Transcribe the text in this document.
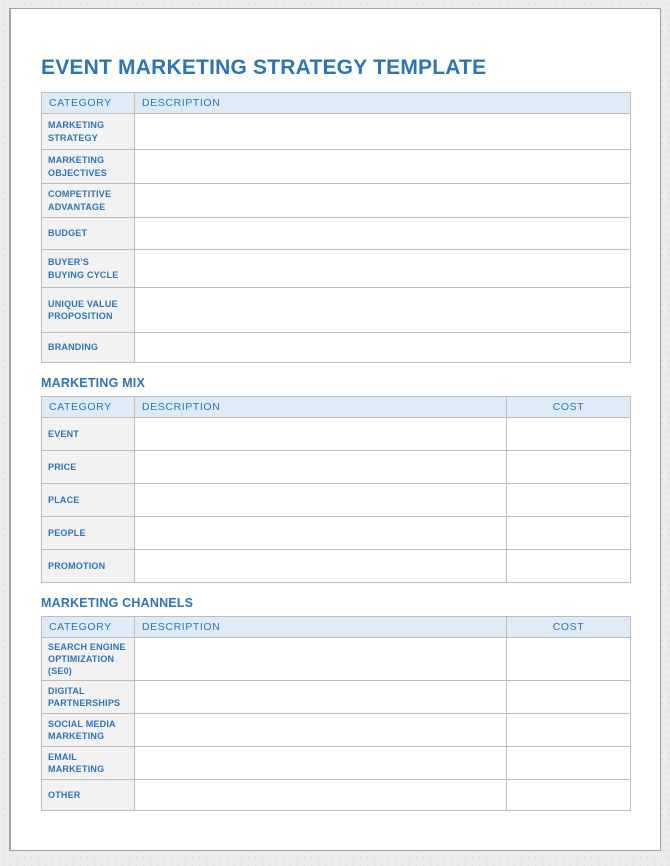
EVENT MARKETING STRATEGY TEMPLATE
CATEGORY	DESCRIPTION
MARKETING STRATEGY	
MARKETING OBJECTIVES	
COMPETITIVE ADVANTAGE	
BUDGET	
BUYER'S BUYING CYCLE	
UNIQUE VALUE PROPOSITION	
BRANDING	
MARKETING MIX
CATEGORY	DESCRIPTION	COST
EVENT		
PRICE		
PLACE		
PEOPLE		
PROMOTION		
MARKETING CHANNELS
CATEGORY	DESCRIPTION	COST
SEARCH ENGINE OPTIMIZATION (SE0)		
DIGITAL PARTNERSHIPS		
SOCIAL MEDIA MARKETING		
EMAIL MARKETING		
OTHER		
